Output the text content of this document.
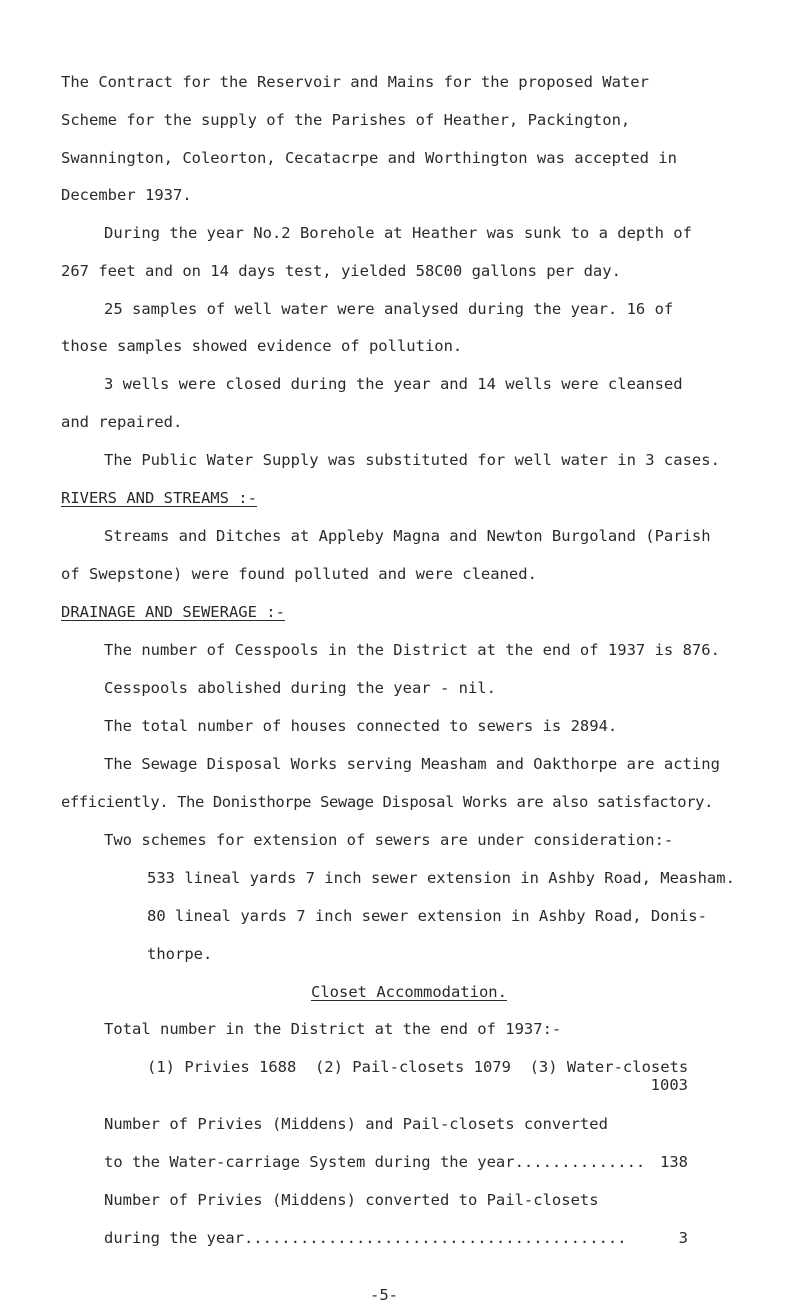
The Contract for the Reservoir and Mains for the proposed Water
Scheme for the supply of the Parishes of Heather, Packington,
Swannington, Coleorton, Cecatacrpe and Worthington was accepted in
December 1937.
During the year No.2 Borehole at Heather was sunk to a depth of
267 feet and on 14 days test, yielded 58C00 gallons per day.
25 samples of well water were analysed during the year. 16 of
those samples showed evidence of pollution.
3 wells were closed during the year and 14 wells were cleansed
and repaired.
The Public Water Supply was substituted for well water in 3 cases.
RIVERS AND STREAMS :-
Streams and Ditches at Appleby Magna and Newton Burgoland (Parish
of Swepstone) were found polluted and were cleaned.
DRAINAGE AND SEWERAGE :-
The number of Cesspools in the District at the end of 1937 is 876.
Cesspools abolished during the year - nil.
The total number of houses connected to sewers is 2894.
The Sewage Disposal Works serving Measham and Oakthorpe are acting
efficiently. The Donisthorpe Sewage Disposal Works are also satisfactory.
Two schemes for extension of sewers are under consideration:-
533 lineal yards 7 inch sewer extension in Ashby Road, Measham.
80 lineal yards 7 inch sewer extension in Ashby Road, Donis-
thorpe.
Closet Accommodation.
Total number in the District at the end of 1937:-
(1) Privies 1688  (2) Pail-closets 1079  (3) Water-closets
1003
Number of Privies (Middens) and Pail-closets converted
to the Water-carriage System during the year.............. 138
Number of Privies (Middens) converted to Pail-closets
during the year.........................................	3
-5-
